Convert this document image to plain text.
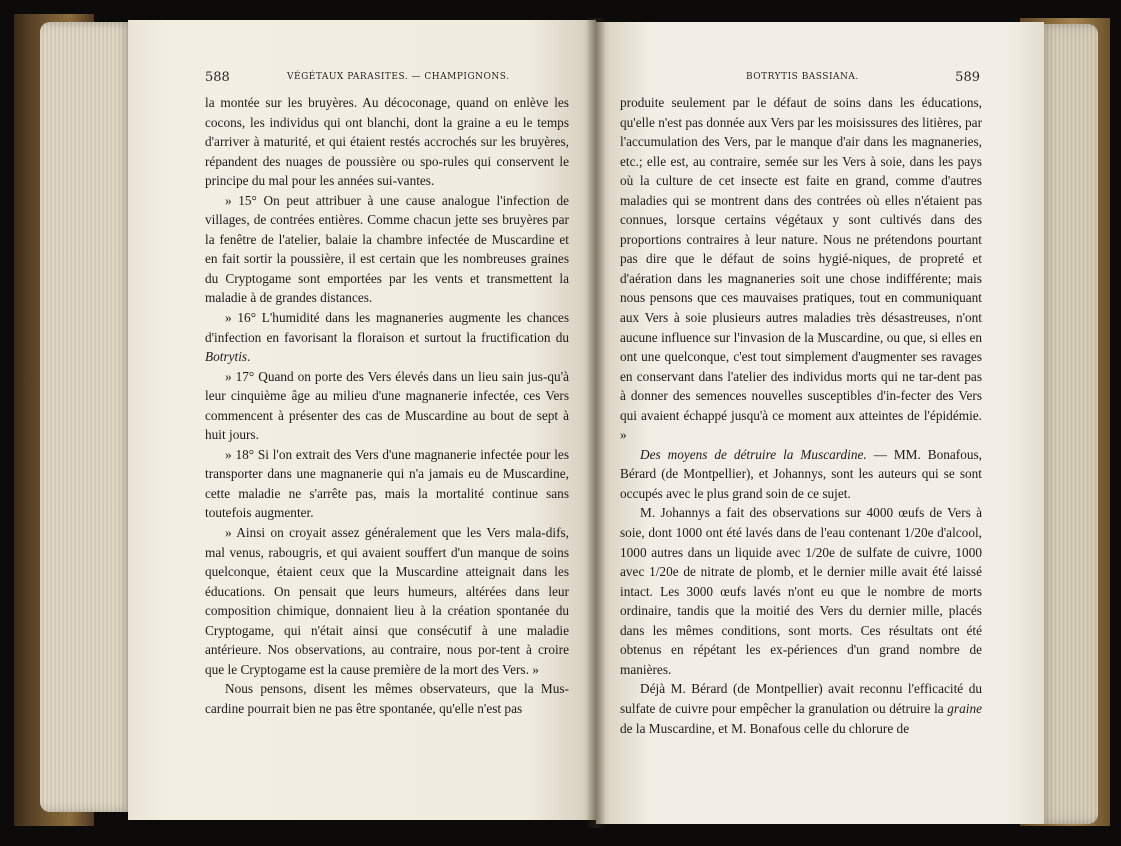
588	VÉGÉTAUX PARASITES. — CHAMPIGNONS.	BOTRYTIS BASSIANA.	589

la montée sur les bruyères. Au décoconage, quand on enlève les cocons, les individus qui ont blanchi, dont la graine a eu le temps d'arriver à maturité, et qui étaient restés accrochés sur les bruyères, répandent des nuages de poussière ou spo-rules qui conservent le principe du mal pour les années sui-vantes.

» 15° On peut attribuer à une cause analogue l'infection de villages, de contrées entières. Comme chacun jette ses bruyères par la fenêtre de l'atelier, balaie la chambre infectée de Muscardine et en fait sortir la poussière, il est certain que les nombreuses graines du Cryptogame sont emportées par les vents et transmettent la maladie à de grandes distances.

» 16° L'humidité dans les magnaneries augmente les chances d'infection en favorisant la floraison et surtout la fructification du Botrytis.

» 17° Quand on porte des Vers élevés dans un lieu sain jus-qu'à leur cinquième âge au milieu d'une magnanerie infectée, ces Vers commencent à présenter des cas de Muscardine au bout de sept à huit jours.

» 18° Si l'on extrait des Vers d'une magnanerie infectée pour les transporter dans une magnanerie qui n'a jamais eu de Muscardine, cette maladie ne s'arrête pas, mais la mortalité continue sans toutefois augmenter.

» Ainsi on croyait assez généralement que les Vers mala-difs, mal venus, rabougris, et qui avaient souffert d'un manque de soins quelconque, étaient ceux que la Muscardine atteignait dans les éducations. On pensait que leurs humeurs, altérées dans leur composition chimique, donnaient lieu à la création spontanée du Cryptogame, qui n'était ainsi que consécutif à une maladie antérieure. Nos observations, au contraire, nous por-tent à croire que le Cryptogame est la cause première de la mort des Vers. »

Nous pensons, disent les mêmes observateurs, que la Mus-cardine pourrait bien ne pas être spontanée, qu'elle n'est pas

produite seulement par le défaut de soins dans les éducations, qu'elle n'est pas donnée aux Vers par les moisissures des litières, par l'accumulation des Vers, par le manque d'air dans les magnaneries, etc.; elle est, au contraire, semée sur les Vers à soie, dans les pays où la culture de cet insecte est faite en grand, comme d'autres maladies qui se montrent dans des contrées où elles n'étaient pas connues, lorsque certains végétaux y sont cultivés dans des proportions contraires à leur nature. Nous ne prétendons pourtant pas dire que le défaut de soins hygié-niques, de propreté et d'aération dans les magnaneries soit une chose indifférente; mais nous pensons que ces mauvaises pratiques, tout en communiquant aux Vers à soie plusieurs autres maladies très désastreuses, n'ont aucune influence sur l'invasion de la Muscardine, ou que, si elles en ont une quelconque, c'est tout simplement d'augmenter ses ravages en conservant dans l'atelier des individus morts qui ne tar-dent pas à donner des semences nouvelles susceptibles d'in-fecter des Vers qui avaient échappé jusqu'à ce moment aux atteintes de l'épidémie. »

Des moyens de détruire la Muscardine. — MM. Bonafous, Bérard (de Montpellier), et Johannys, sont les auteurs qui se sont occupés avec le plus grand soin de ce sujet.

M. Johannys a fait des observations sur 4000 œufs de Vers à soie, dont 1000 ont été lavés dans de l'eau contenant 1/20e d'alcool, 1000 autres dans un liquide avec 1/20e de sulfate de cuivre, 1000 avec 1/20e de nitrate de plomb, et le dernier mille avait été laissé intact. Les 3000 œufs lavés n'ont eu que le nombre de morts ordinaire, tandis que la moitié des Vers du dernier mille, placés dans les mêmes conditions, sont morts. Ces résultats ont été obtenus en répétant les ex-périences d'un grand nombre de manières.

Déjà M. Bérard (de Montpellier) avait reconnu l'efficacité du sulfate de cuivre pour empêcher la granulation ou détruire la graine de la Muscardine, et M. Bonafous celle du chlorure de
